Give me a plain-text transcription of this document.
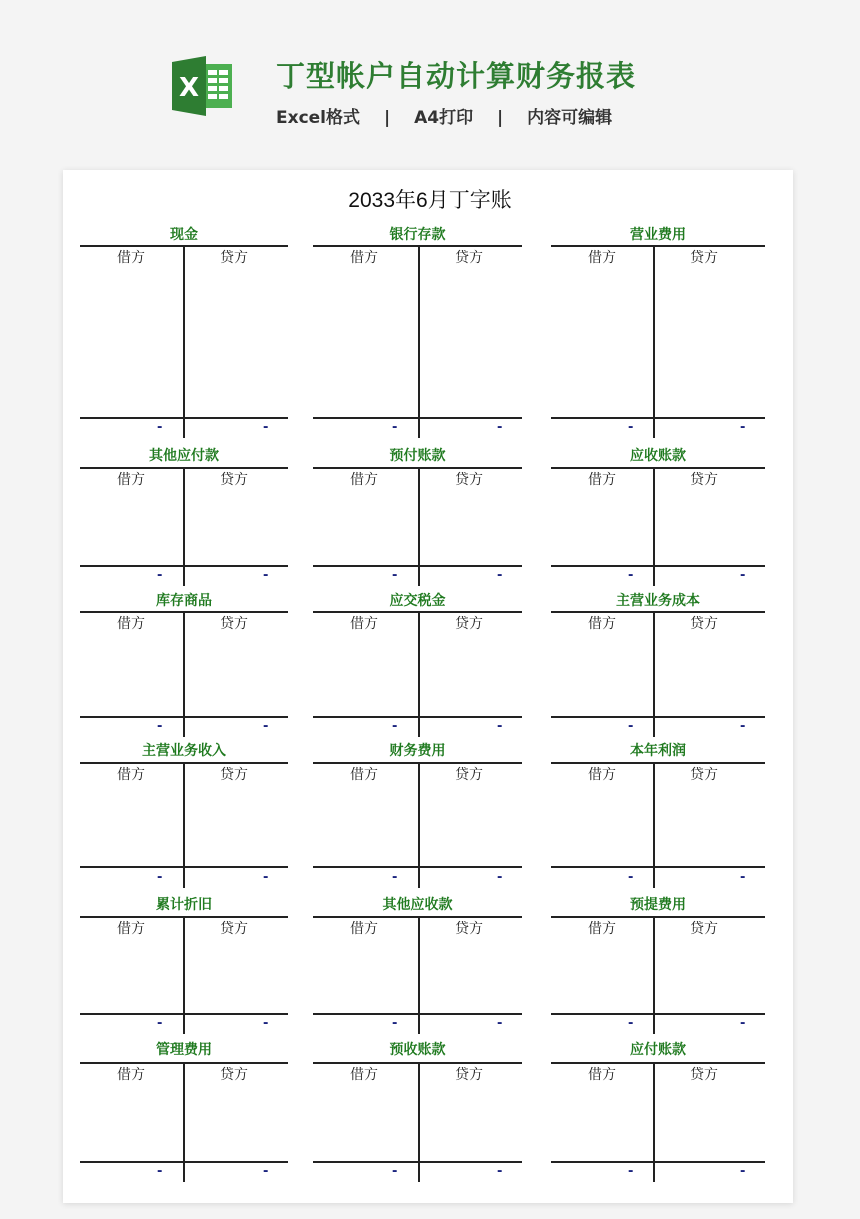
X	丁型帐户自动计算财务报表
Excel格式 | A4打印 | 内容可编辑
2033年6月丁字账
现金
借方	贷方
-	-
银行存款
借方	贷方
-	-
营业费用
借方	贷方
-	-
其他应付款
借方	贷方
-	-
预付账款
借方	贷方
-	-
应收账款
借方	贷方
-	-
库存商品
借方	贷方
-	-
应交税金
借方	贷方
-	-
主营业务成本
借方	贷方
-	-
主营业务收入
借方	贷方
-	-
财务费用
借方	贷方
-	-
本年利润
借方	贷方
-	-
累计折旧
借方	贷方
-	-
其他应收款
借方	贷方
-	-
预提费用
借方	贷方
-	-
管理费用
借方	贷方
-	-
预收账款
借方	贷方
-	-
应付账款
借方	贷方
-	-
